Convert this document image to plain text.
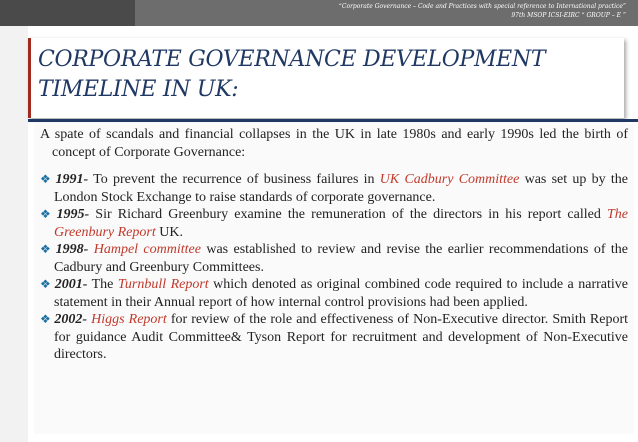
“Corporate Governance – Code and Practices with special reference to International practice”
97th MSOP ICSI-EIRC “ GROUP – E ”
CORPORATE GOVERNANCE DEVELOPMENT
TIMELINE IN UK:

A spate of scandals and financial collapses in the UK in late 1980s and early 1990s led the birth of concept of Corporate Governance:

❖ 1991- To prevent the recurrence of business failures in UK Cadbury Committee was set up by the London Stock Exchange to raise standards of corporate governance.

❖ 1995- Sir Richard Greenbury examine the remuneration of the directors in his report called The Greenbury Report UK.

❖ 1998- Hampel committee was established to review and revise the earlier recommendations of the Cadbury and Greenbury Committees.

❖ 2001- The Turnbull Report which denoted as original combined code required to include a narrative statement in their Annual report of how internal control provisions had been applied.

❖ 2002- Higgs Report for review of the role and effectiveness of Non-Executive director. Smith Report for guidance Audit Committee& Tyson Report for recruitment and development of Non-Executive directors.
